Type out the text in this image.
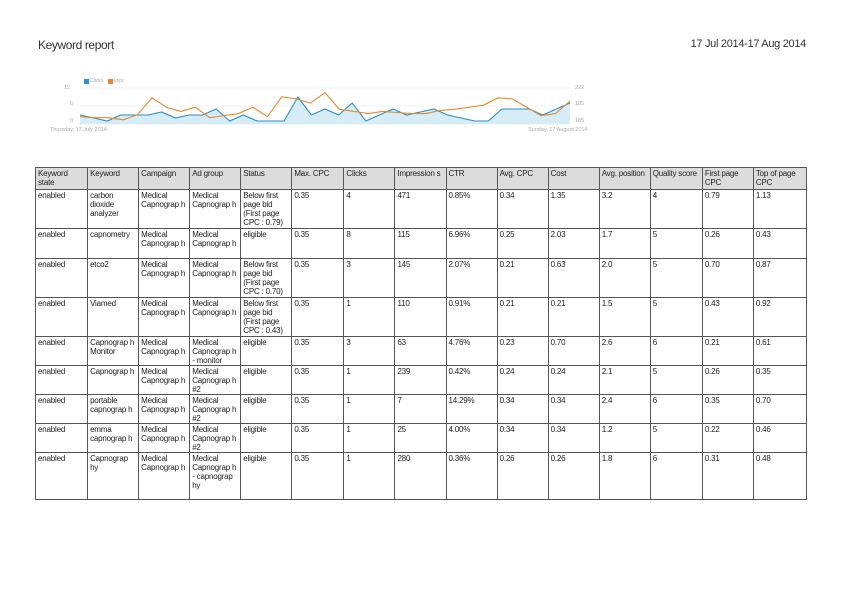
Keyword report	17 Jul 2014-17 Aug 2014
Clicks Impr.
12
6
0
222
185
185
Thursday, 17 July 2014	Sunday, 17 August 2014
Keyword state	Keyword	Campaign	Ad group	Status	Max. CPC	Clicks	Impression s	CTR	Avg. CPC	Cost	Avg. position	Quality score	First page CPC	Top of page CPC
enabled	carbon dioxide analyzer	Medical Capnograp h	Medical Capnograp h	Below first page bid (First page CPC : 0.79)	0.35	4	471	0.85%	0.34	1.35	3.2	4	0.79	1.13
enabled	capnometry	Medical Capnograp h	Medical Capnograp h	eligible	0.35	8	115	6.96%	0.25	2.03	1.7	5	0.26	0.43
enabled	etco2	Medical Capnograp h	Medical Capnograp h	Below first page bid (First page CPC : 0.70)	0.35	3	145	2.07%	0.21	0.63	2.0	5	0.70	0.87
enabled	Viamed	Medical Capnograp h	Medical Capnograp h	Below first page bid (First page CPC : 0.43)	0.35	1	110	0.91%	0.21	0.21	1.5	5	0.43	0.92
enabled	Capnograp h Monitor	Medical Capnograp h	Medical Capnograp h - monitor	eligible	0.35	3	63	4.76%	0.23	0.70	2.6	6	0.21	0.61
enabled	Capnograp h	Medical Capnograp h	Medical Capnograp h #2	eligible	0.35	1	239	0.42%	0.24	0.24	2.1	5	0.26	0.35
enabled	portable capnograp h	Medical Capnograp h	Medical Capnograp h #2	eligible	0.35	1	7	14.29%	0.34	0.34	2.4	6	0.35	0.70
enabled	emma capnograp h	Medical Capnograp h	Medical Capnograp h #2	eligible	0.35	1	25	4.00%	0.34	0.34	1.2	5	0.22	0.46
enabled	Capnograp hy	Medical Capnograp h	Medical Capnograp h - capnograp hy	eligible	0.35	1	280	0.36%	0.26	0.26	1.8	6	0.31	0.48
